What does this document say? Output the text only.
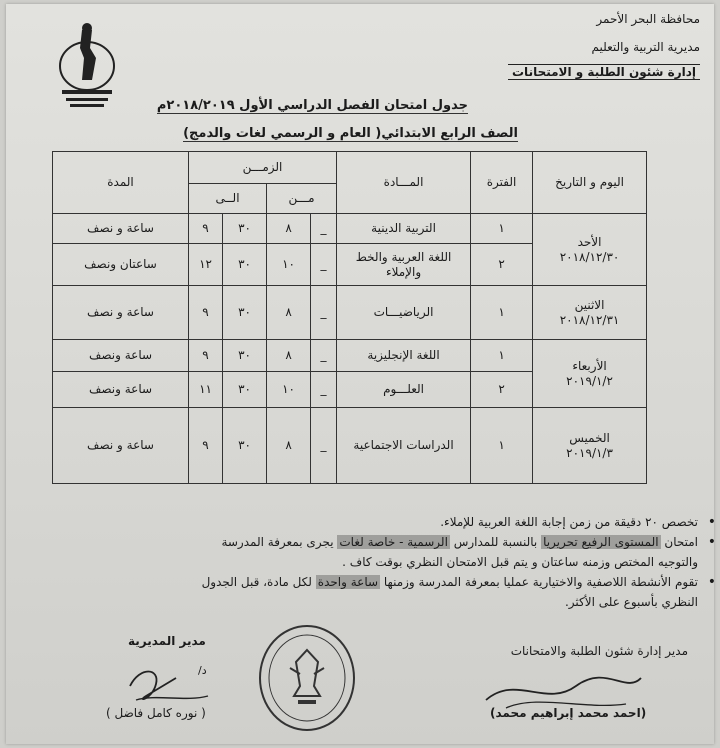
محافظة البحر الأحمر
مديرية التربية والتعليم
إدارة شئون الطلبة و الامتحانات
جدول امتحان الفصل الدراسي الأول ٢٠١٨/٢٠١٩م
الصف الرابع الابتدائي( العام و الرسمي لغات والدمج)
اليوم و التاريخ	الفترة	المـــادة	الزمـــن				المدة
			مـــن		الــى		

الأحد
٢٠١٨/١٢/٣٠	١	التربية الدينية	_	٨	٣٠	٩	ساعة و نصف
	٢	اللغة العربية والخط والإملاء	_	١٠	٣٠	١٢	ساعتان ونصف

الاثنين
٢٠١٨/١٢/٣١	١	الرياضيـــات	_	٨	٣٠	٩	ساعة و نصف

الأربعاء
٢٠١٩/١/٢	١	اللغة الإنجليزية	_	٨	٣٠	٩	ساعة ونصف
	٢	العلـــوم	_	١٠	٣٠	١١	ساعة ونصف

الخميس
٢٠١٩/١/٣	١	الدراسات الاجتماعية	_	٨	٣٠	٩	ساعة و نصف
• تخصص ٢٠ دقيقة من زمن إجابة اللغة العربية للإملاء.
• امتحان المستوى الرفيع تحريريا بالنسبة للمدارس الرسمية - خاصة لغات يجرى بمعرفة المدرسة
والتوجيه المختص وزمنه ساعتان و يتم قبل الامتحان النظري بوقت كاف .
• تقوم الأنشطة اللاصفية والاختيارية عمليا بمعرفة المدرسة وزمنها ساعة واحدة لكل مادة، قبل الجدول
النظري بأسبوع على الأكثر.
مدير إدارة شئون الطلبة والامتحانات
(احمد محمد إبراهيم محمد)
مدير المديرية
د/
( نوره كامل فاضل )
